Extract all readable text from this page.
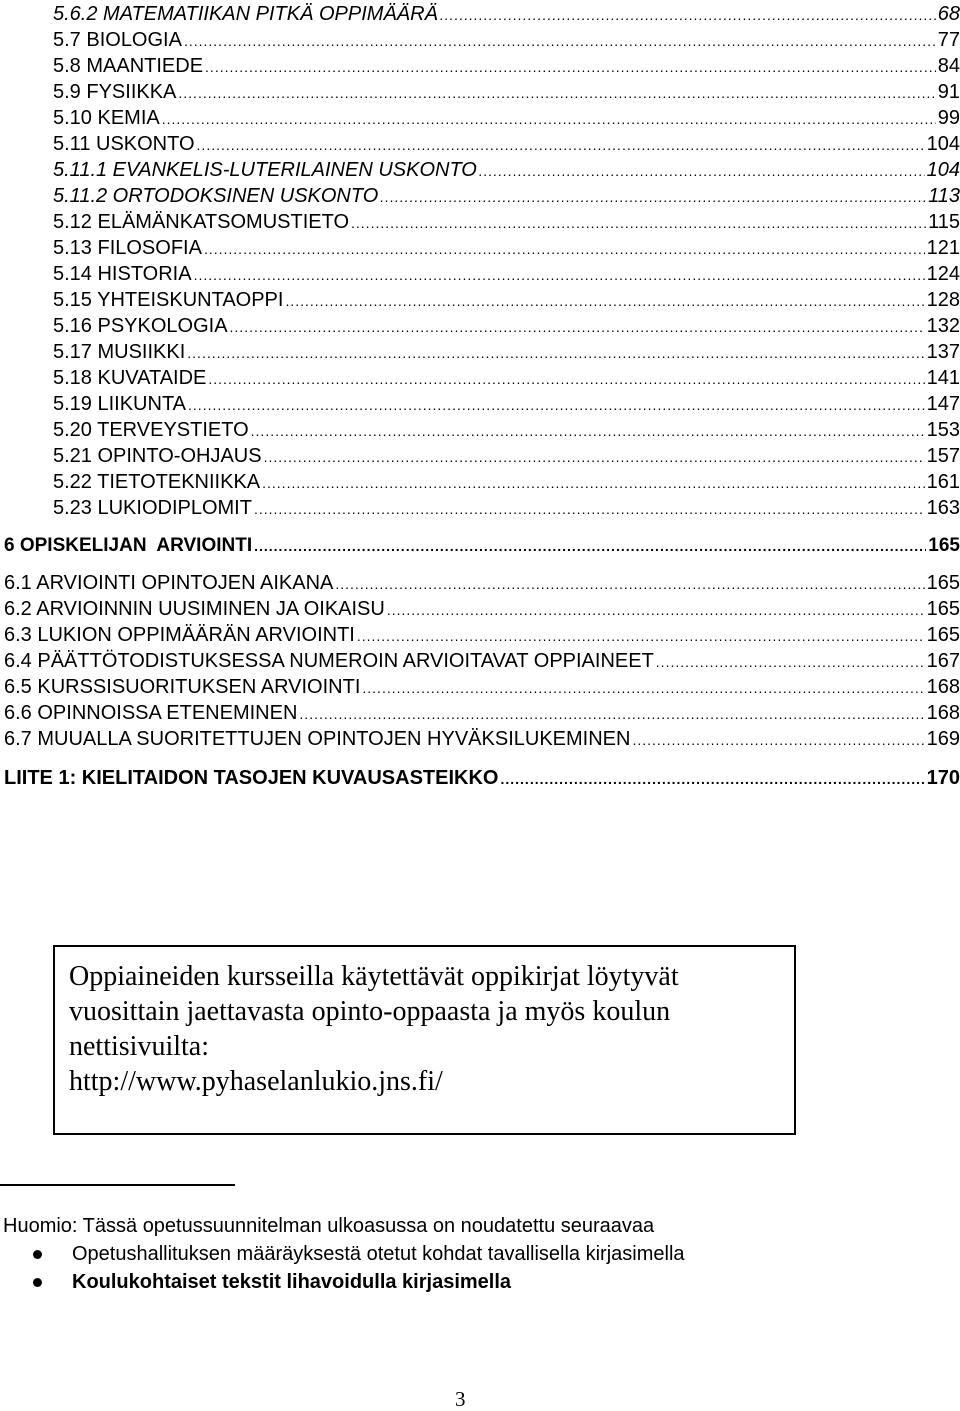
5.6.2 MATEMATIIKAN PITKÄ OPPIMÄÄRÄ .....	68
5.7 BIOLOGIA .....	77
5.8 MAANTIEDE .....	84
5.9 FYSIIKKA .....	91
5.10 KEMIA .....	99
5.11 USKONTO .....	104
5.11.1 EVANKELIS-LUTERILAINEN USKONTO .....	104
5.11.2 ORTODOKSINEN USKONTO .....	113
5.12 ELÄMÄNKATSOMUSTIETO .....	115
5.13 FILOSOFIA .....	121
5.14 HISTORIA .....	124
5.15 YHTEISKUNTAOPPI .....	128
5.16 PSYKOLOGIA .....	132
5.17 MUSIIKKI .....	137
5.18 KUVATAIDE .....	141
5.19 LIIKUNTA .....	147
5.20 TERVEYSTIETO .....	153
5.21 OPINTO-OHJAUS .....	157
5.22 TIETOTEKNIIKKA .....	161
5.23 LUKIODIPLOMIT .....	163
6 OPISKELIJAN  ARVIOINTI .....	165
6.1 ARVIOINTI OPINTOJEN AIKANA .....	165
6.2 ARVIOINNIN UUSIMINEN JA OIKAISU .....	165
6.3 LUKION OPPIMÄÄRÄN ARVIOINTI .....	165
6.4 PÄÄTTÖTODISTUKSESSA NUMEROIN ARVIOITAVAT OPPIAINEET .....	167
6.5 KURSSISUORITUKSEN ARVIOINTI .....	168
6.6 OPINNOISSA ETENEMINEN .....	168
6.7 MUUALLA SUORITETTUJEN OPINTOJEN HYVÄKSILUKEMINEN .....	169
LIITE 1: KIELITAIDON TASOJEN KUVAUSASTEIKKO .....	170
Oppiaineiden kursseilla käytettävät oppikirjat löytyvät
vuosittain jaettavasta opinto-oppaasta ja myös koulun
nettisivuilta:
http://www.pyhaselanlukio.jns.fi/
Huomio: Tässä opetussuunnitelman ulkoasussa on noudatettu seuraavaa
Opetushallituksen määräyksestä otetut kohdat tavallisella kirjasimella
Koulukohtaiset tekstit lihavoidulla kirjasimella
3
